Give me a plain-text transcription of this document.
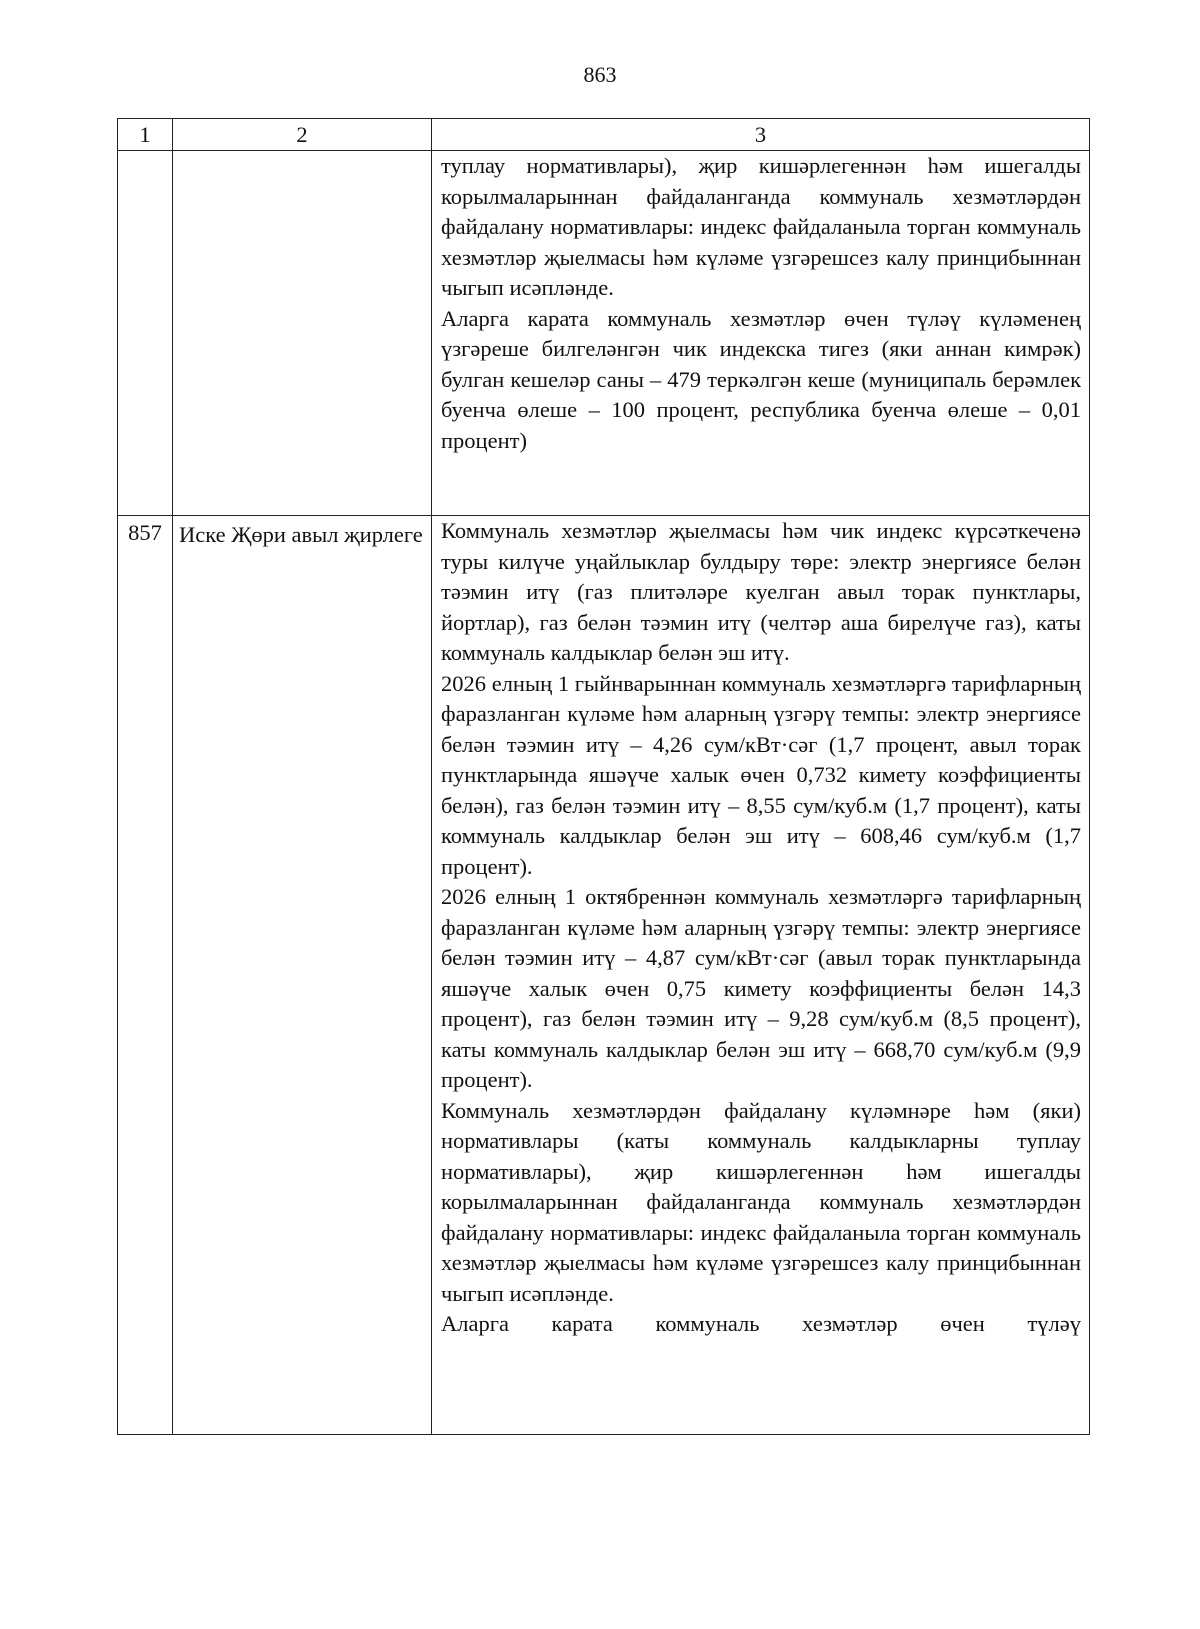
863
1	2	3

		туплау нормативлары), җир кишәрлегеннән һәм ишегалды корылмаларыннан файдаланганда коммуналь хезмәтләрдән файдалану нормативлары: индекс файдаланыла торган коммуналь хезмәтләр җыелмасы һәм күләме үзгәрешсез калу принцибыннан чыгып исәпләнде.

Аларга карата коммуналь хезмәтләр өчен түләү күләменең үзгәреше билгеләнгән чик индекска тигез (яки аннан кимрәк) булган кешеләр саны – 479 теркәлгән кеше (муниципаль берәмлек буенча өлеше – 100 процент, республика буенча өлеше – 0,01 процент)

857	Иске Җөри авыл җирлеге	Коммуналь хезмәтләр җыелмасы һәм чик индекс күрсәткеченә туры килүче уңайлыклар булдыру төре: электр энергиясе белән тәэмин итү (газ плитәләре куелган авыл торак пунктлары, йортлар), газ белән тәэмин итү (челтәр аша бирелүче газ), каты коммуналь калдыклар белән эш итү.

2026 елның 1 гыйнварыннан коммуналь хезмәтләргә тарифларның фаразланган күләме һәм аларның үзгәрү темпы: электр энергиясе белән тәэмин итү – 4,26 сум/кВт·сәг (1,7 процент, авыл торак пунктларында яшәүче халык өчен 0,732 кимету коэффициенты белән), газ белән тәэмин итү – 8,55 сум/куб.м (1,7 процент), каты коммуналь калдыклар белән эш итү – 608,46 сум/куб.м (1,7 процент).

2026 елның 1 октябреннән коммуналь хезмәтләргә тарифларның фаразланган күләме һәм аларның үзгәрү темпы: электр энергиясе белән тәэмин итү – 4,87 сум/кВт·сәг (авыл торак пунктларында яшәүче халык өчен 0,75 кимету коэффициенты белән 14,3 процент), газ белән тәэмин итү – 9,28 сум/куб.м (8,5 процент), каты коммуналь калдыклар белән эш итү – 668,70 сум/куб.м (9,9 процент).

Коммуналь хезмәтләрдән файдалану күләмнәре һәм (яки) нормативлары (каты коммуналь калдыкларны туплау нормативлары), җир кишәрлегеннән һәм ишегалды корылмаларыннан файдаланганда коммуналь хезмәтләрдән файдалану нормативлары: индекс файдаланыла торган коммуналь хезмәтләр җыелмасы һәм күләме үзгәрешсез калу принцибыннан чыгып исәпләнде.

Аларга карата коммуналь хезмәтләр өчен түләү
